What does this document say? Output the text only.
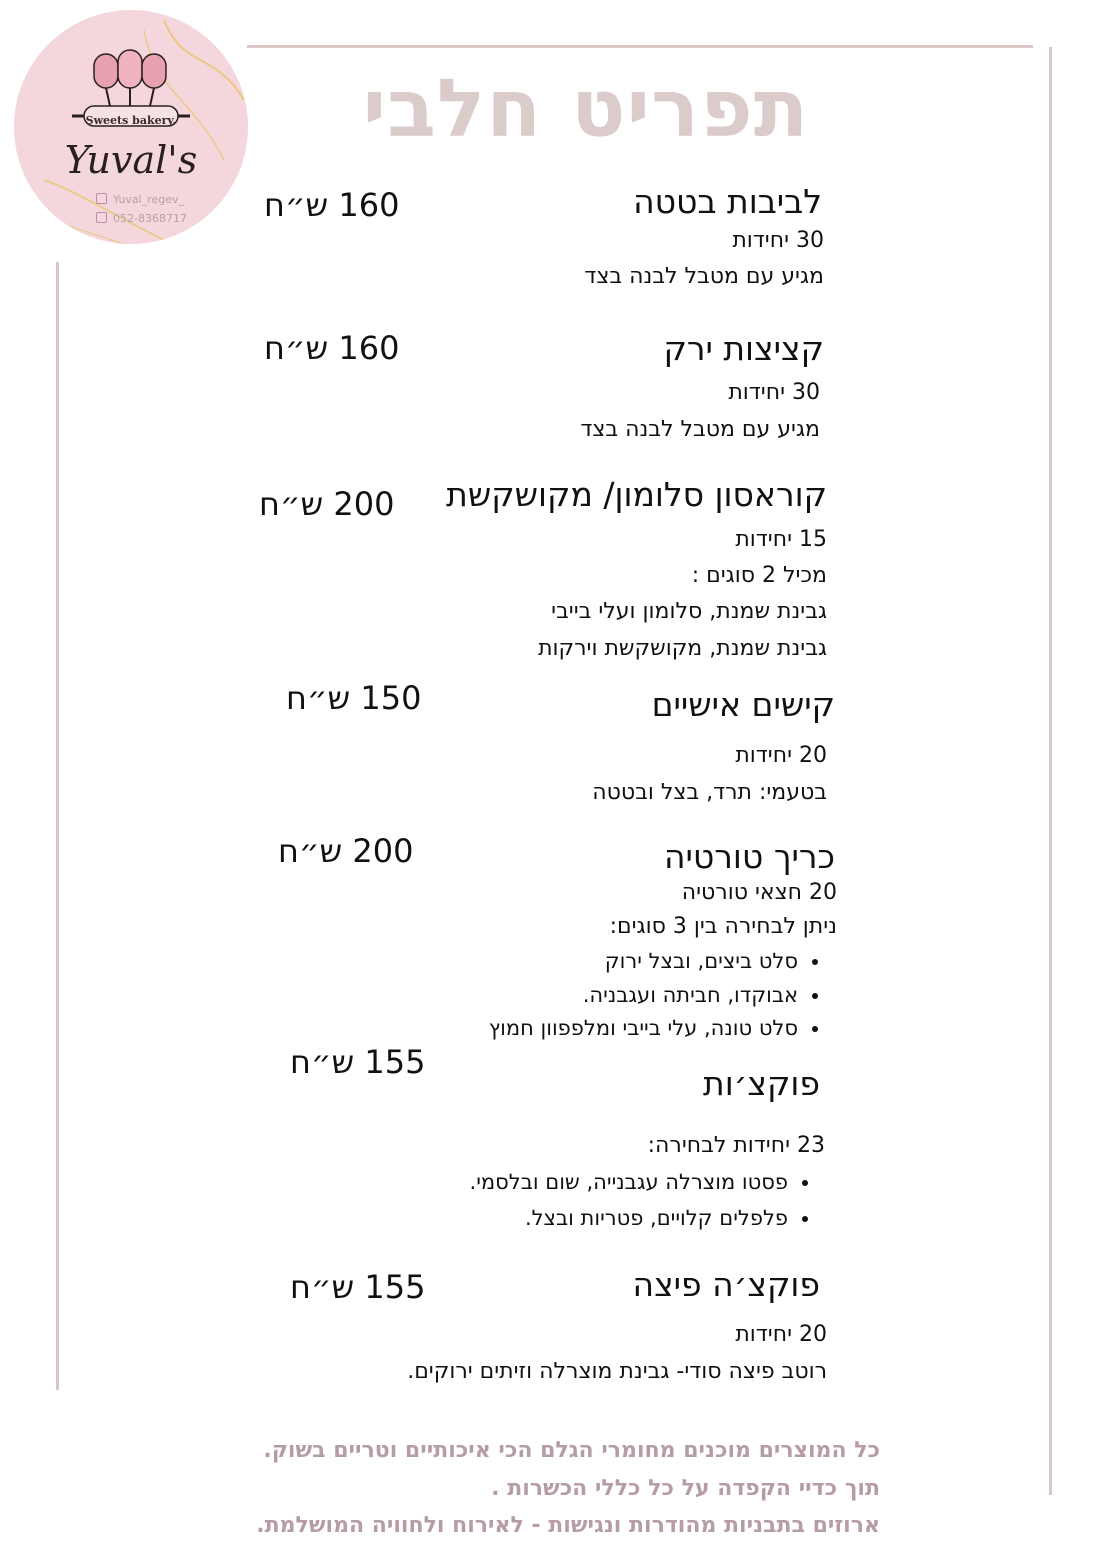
Sweets bakery.
Yuval's
Yuval_regev_
052-8368717
תפריט חלבי
לביבות בטטה
160 ש״ח
30 יחידות
מגיע עם מטבל לבנה בצד
קציצות ירק
160 ש״ח
30 יחידות
מגיע עם מטבל לבנה בצד
קוראסון סלומון/ מקושקשת
200 ש״ח
15 יחידות
מכיל 2 סוגים :
גבינת שמנת, סלומון ועלי בייבי
גבינת שמנת, מקושקשת וירקות
קישים אישיים
150 ש״ח
20 יחידות
בטעמי: תרד, בצל ובטטה
כריך טורטיה
200 ש״ח
20 חצאי טורטיה
ניתן לבחירה בין 3 סוגים:
סלט ביצים, ובצל ירוק
אבוקדו, חביתה ועגבניה.
סלט טונה, עלי בייבי ומלפפוון חמוץ
פוקצ׳ות
155 ש״ח
23 יחידות לבחירה:
פסטו מוצרלה עגבנייה, שום ובלסמי.
פלפלים קלויים, פטריות ובצל.
פוקצ׳ה פיצה
155 ש״ח
20 יחידות
רוטב פיצה סודי- גבינת מוצרלה וזיתים ירוקים.
כל המוצרים מוכנים מחומרי הגלם הכי איכותיים וטריים בשוק.
תוך כדיי הקפדה על כל כללי הכשרות .
ארוזים בתבניות מהודרות ונגישות - לאירוח ולחוויה המושלמת.
